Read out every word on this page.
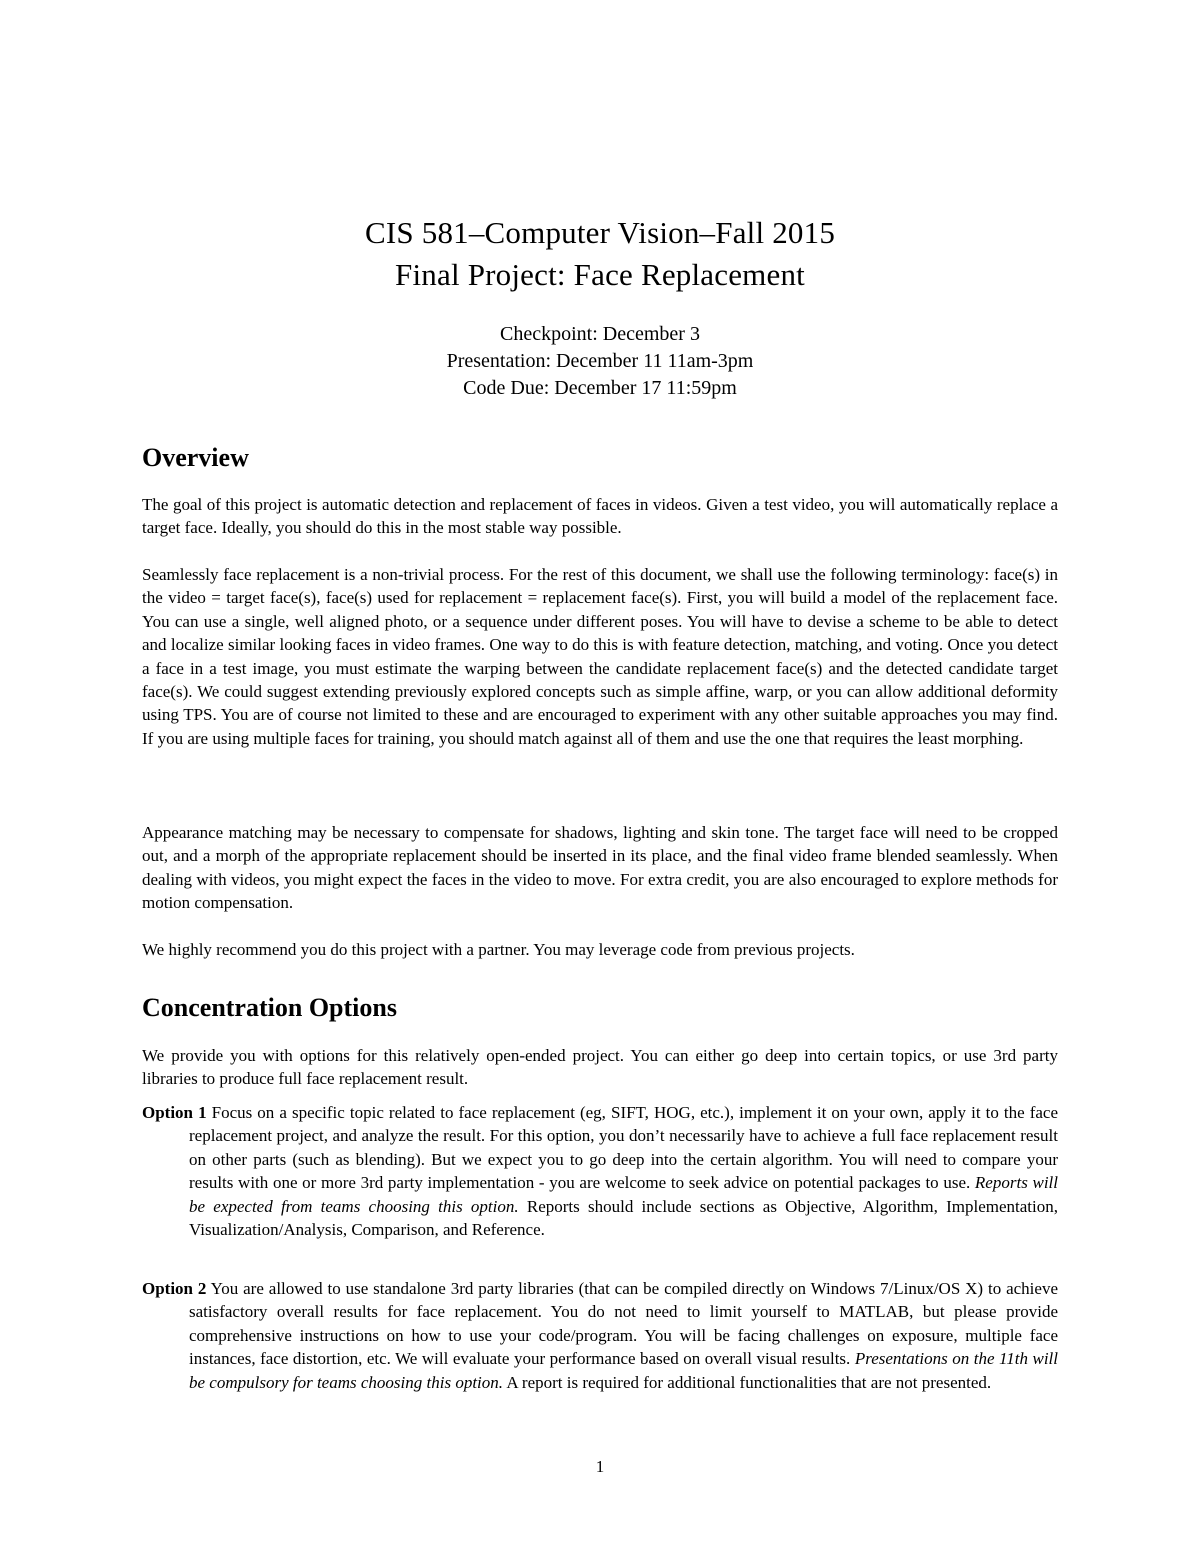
CIS 581–Computer Vision–Fall 2015
Final Project: Face Replacement
Checkpoint: December 3
Presentation: December 11 11am-3pm
Code Due: December 17 11:59pm
Overview

The goal of this project is automatic detection and replacement of faces in videos. Given a test video, you will automatically replace a target face. Ideally, you should do this in the most stable way possible.

Seamlessly face replacement is a non-trivial process. For the rest of this document, we shall use the following terminology: face(s) in the video = target face(s), face(s) used for replacement = replacement face(s). First, you will build a model of the replacement face. You can use a single, well aligned photo, or a sequence under different poses. You will have to devise a scheme to be able to detect and localize similar looking faces in video frames. One way to do this is with feature detection, matching, and voting. Once you detect a face in a test image, you must estimate the warping between the candidate replacement face(s) and the detected candidate target face(s). We could suggest extending previously explored concepts such as simple affine, warp, or you can allow additional deformity using TPS. You are of course not limited to these and are encouraged to experiment with any other suitable approaches you may find. If you are using multiple faces for training, you should match against all of them and use the one that requires the least morphing.

Appearance matching may be necessary to compensate for shadows, lighting and skin tone. The target face will need to be cropped out, and a morph of the appropriate replacement should be inserted in its place, and the final video frame blended seamlessly. When dealing with videos, you might expect the faces in the video to move. For extra credit, you are also encouraged to explore methods for motion compensation.

We highly recommend you do this project with a partner. You may leverage code from previous projects.

Concentration Options

We provide you with options for this relatively open-ended project. You can either go deep into certain topics, or use 3rd party libraries to produce full face replacement result.

Option 1 Focus on a specific topic related to face replacement (eg, SIFT, HOG, etc.), implement it on your own, apply it to the face replacement project, and analyze the result. For this option, you don’t necessarily have to achieve a full face replacement result on other parts (such as blending). But we expect you to go deep into the certain algorithm. You will need to compare your results with one or more 3rd party implementation - you are welcome to seek advice on potential packages to use. Reports will be expected from teams choosing this option. Reports should include sections as Objective, Algorithm, Implementation, Visualization/Analysis, Comparison, and Reference.

Option 2 You are allowed to use standalone 3rd party libraries (that can be compiled directly on Windows 7/Linux/OS X) to achieve satisfactory overall results for face replacement. You do not need to limit yourself to MATLAB, but please provide comprehensive instructions on how to use your code/program. You will be facing challenges on exposure, multiple face instances, face distortion, etc. We will evaluate your performance based on overall visual results. Presentations on the 11th will be compulsory for teams choosing this option. A report is required for additional functionalities that are not presented.

1
